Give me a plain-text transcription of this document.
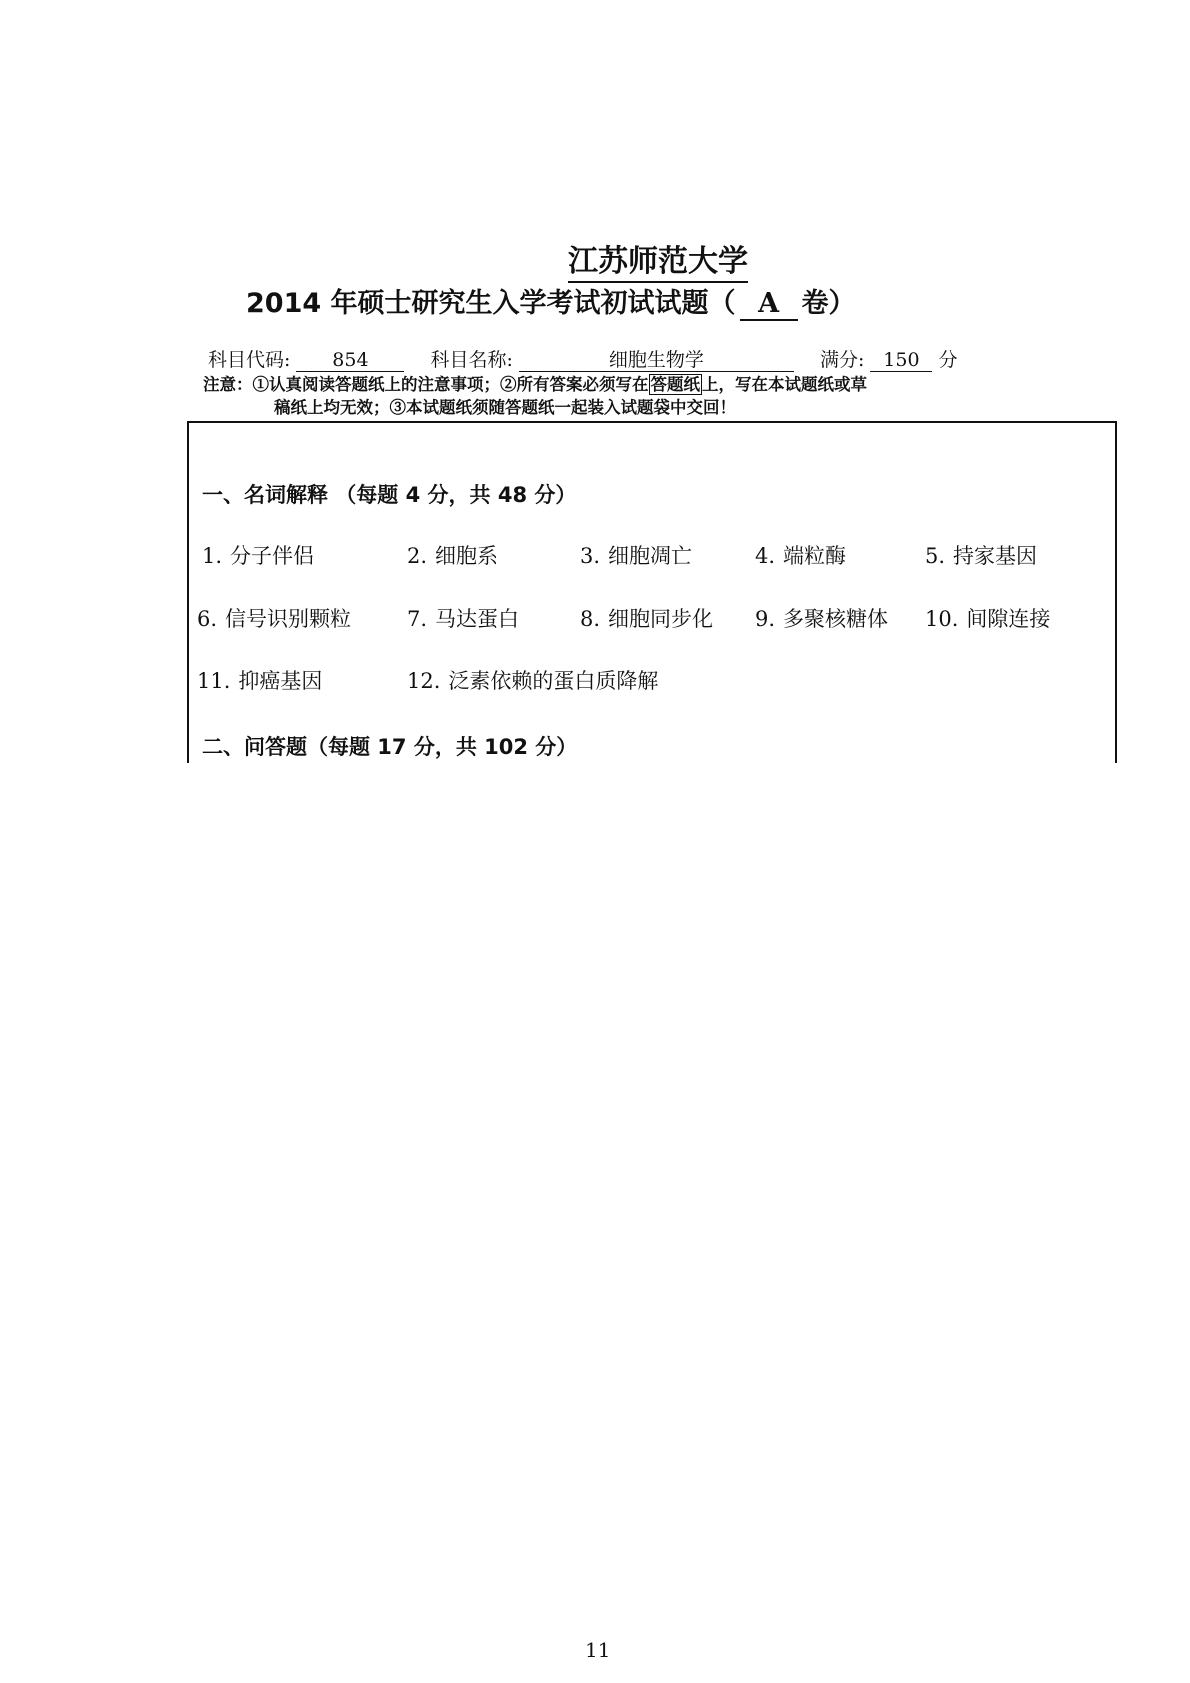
江苏师范大学
2014 年硕士研究生入学考试初试试题（ A 卷）
科目代码: 854	科目名称:	细胞生物学	满分: 150 分
注意：①认真阅读答题纸上的注意事项；②所有答案必须写在 答题纸 上，写在本试题纸或草
稿纸上均无效；③本试题纸须随答题纸一起装入试题袋中交回！
一、名词解释 （每题 4 分，共 48 分）
1. 分子伴侣	2. 细胞系	3. 细胞凋亡	4. 端粒酶	5. 持家基因
6. 信号识别颗粒	7. 马达蛋白	8. 细胞同步化 9. 多聚核糖体 10. 间隙连接
11. 抑癌基因	12. 泛素依赖的蛋白质降解
二、问答题（每题 17 分，共 102 分）
11
